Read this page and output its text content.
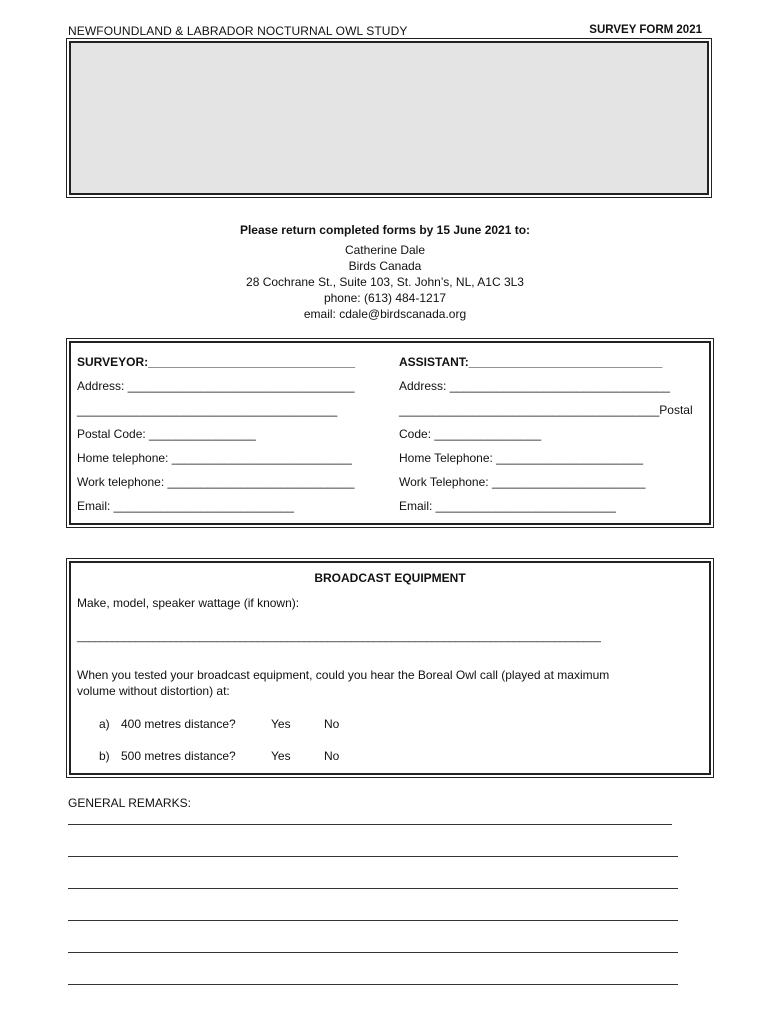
NEWFOUNDLAND & LABRADOR NOCTURNAL OWL STUDY	SURVEY FORM 2021
Please return completed forms by 15 June 2021 to:
Catherine Dale
Birds Canada
28 Cochrane St., Suite 103, St. John’s, NL, A1C 3L3
phone: (613) 484-1217
email: cdale@birdscanada.org
SURVEYOR:_______________________________
Address: __________________________________
_______________________________________
Postal Code: ________________
Home telephone: ___________________________
Work telephone: ____________________________
Email: ___________________________
ASSISTANT:_____________________________
Address: _________________________________
_______________________________________Postal
Code: ________________
Home Telephone: ______________________
Work Telephone: _______________________
Email: ___________________________
BROADCAST EQUIPMENT
Make, model, speaker wattage (if known):
__________________________________________________________________________________________
When you tested your broadcast equipment, could you hear the Boreal Owl call (played at maximum
volume without distortion) at:
a) 400 metres distance?	Yes	No
b) 500 metres distance?	Yes	No
GENERAL REMARKS:
